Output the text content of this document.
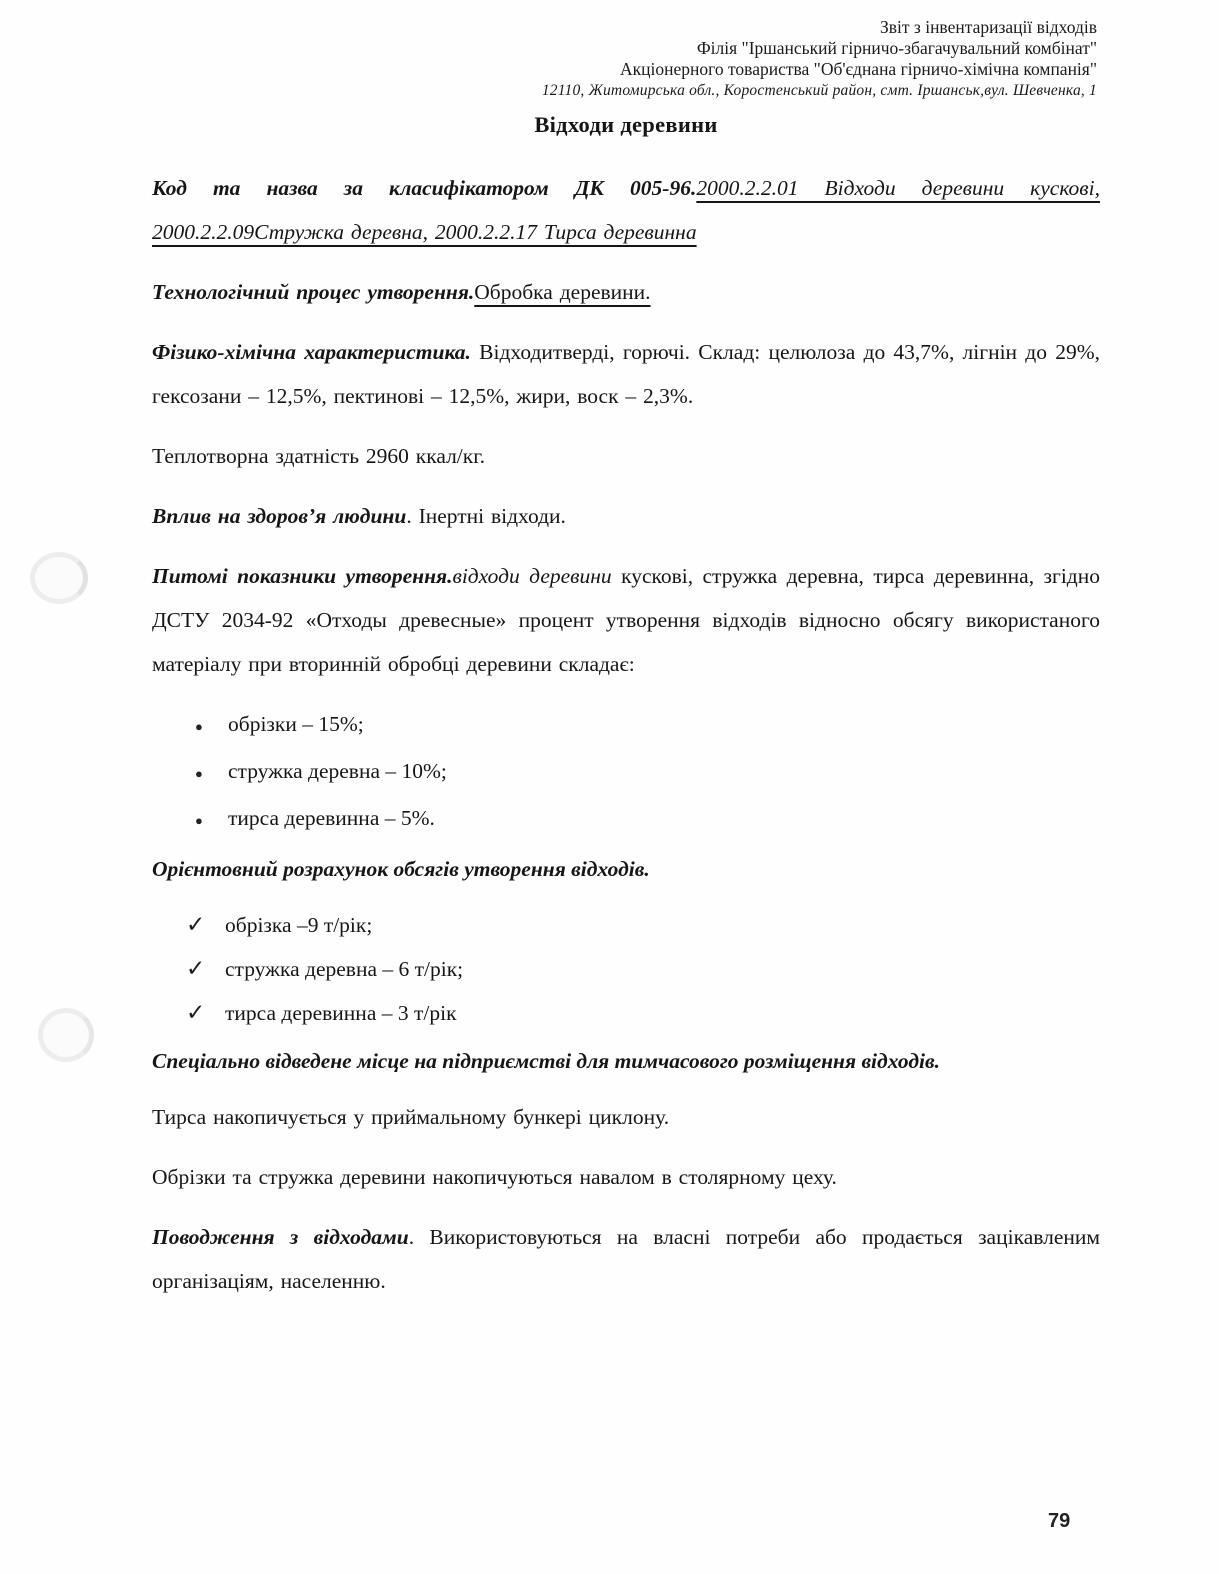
Звіт з інвентаризації відходів
Філія "Іршанський гірничо-збагачувальний комбінат"
Акціонерного товариства "Об'єднана гірничо-хімічна компанія"
12110, Житомирська обл., Коростенський район, смт. Іршанськ,вул. Шевченка, 1
Відходи деревини

Код та назва за класифікатором ДК 005-96.2000.2.2.01 Відходи деревини кускові, 2000.2.2.09Стружка деревна, 2000.2.2.17 Тирса деревинна

Технологічний процес утворення.Обробка деревини.

Фізико-хімічна характеристика. Відходитверді, горючі. Склад: целюлоза до 43,7%, лігнін до 29%, гексозани – 12,5%, пектинові – 12,5%, жири, воск – 2,3%.

Теплотворна здатність 2960 ккал/кг.

Вплив на здоров’я людини. Інертні відходи.

Питомі показники утворення.відходи деревини кускові, стружка деревна, тирса деревинна, згідно ДСТУ 2034-92 «Отходы древесные» процент утворення відходів відносно обсягу використаного матеріалу при вторинній обробці деревини складає:

● обрізки – 15%;
● стружка деревна – 10%;
● тирса деревинна – 5%.

Орієнтовний розрахунок обсягів утворення відходів.

✓ обрізка –9 т/рік;
✓ стружка деревна – 6 т/рік;
✓ тирса деревинна – 3 т/рік

Спеціально відведене місце на підприємстві для тимчасового розміщення відходів.

Тирса накопичується у приймальному бункері циклону.

Обрізки та стружка деревини накопичуються навалом в столярному цеху.

Поводження з відходами. Використовуються на власні потреби або продається зацікавленим організаціям, населенню.

79
